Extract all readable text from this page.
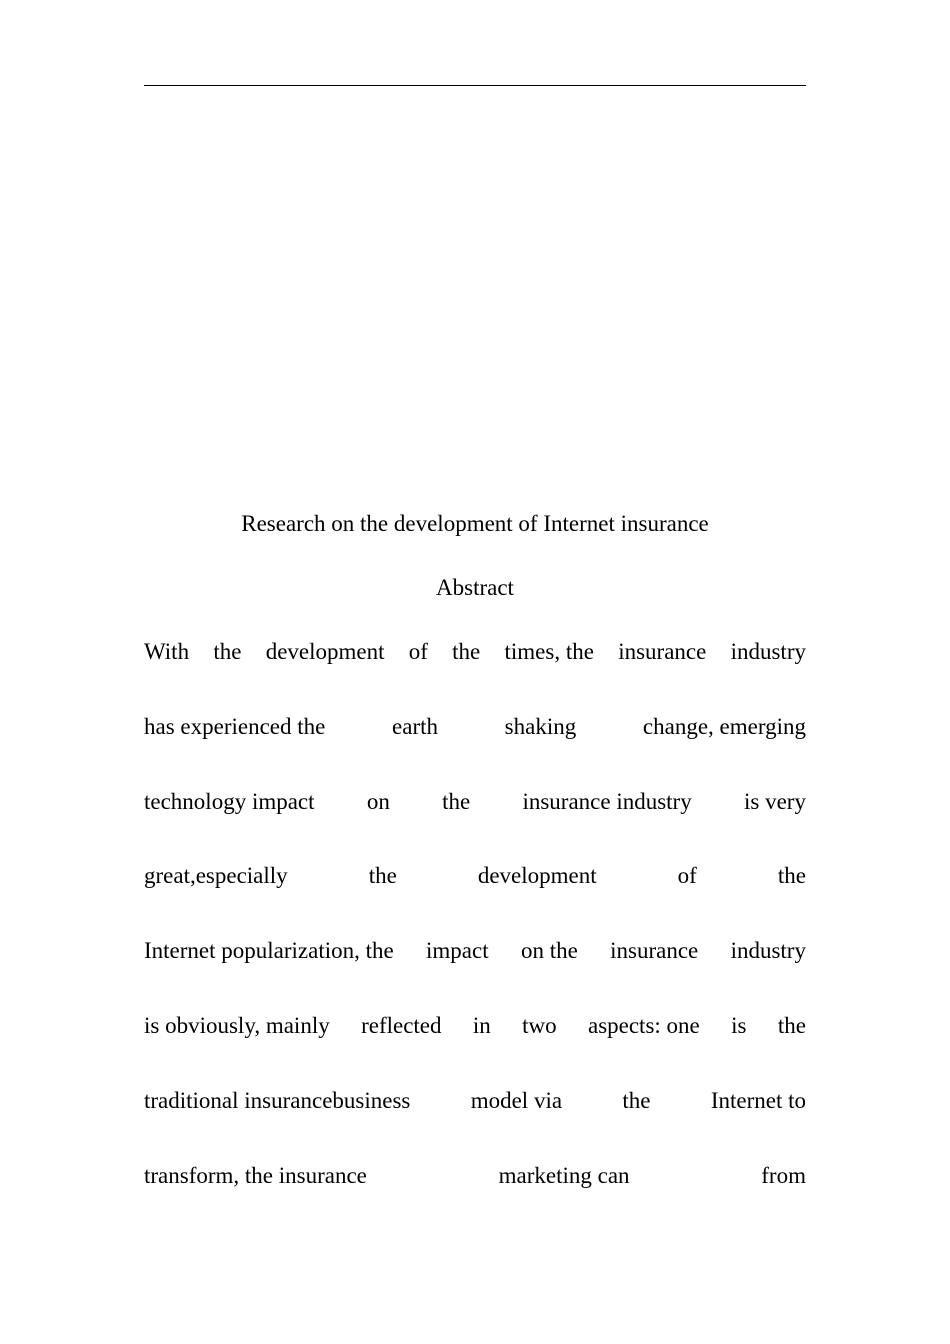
Research on the development of Internet insurance
Abstract
With the development of the times, the insurance industry
has experienced the	earth	shaking	change, emerging
technology impact on the insurance industry is very
great,especially	the	development	of	the
Internet popularization, the impact on the insurance industry
is obviously, mainly reflected in two aspects: one is the
traditional insurancebusiness	model via	the	Internet to
transform, the insurance	marketing can	from
